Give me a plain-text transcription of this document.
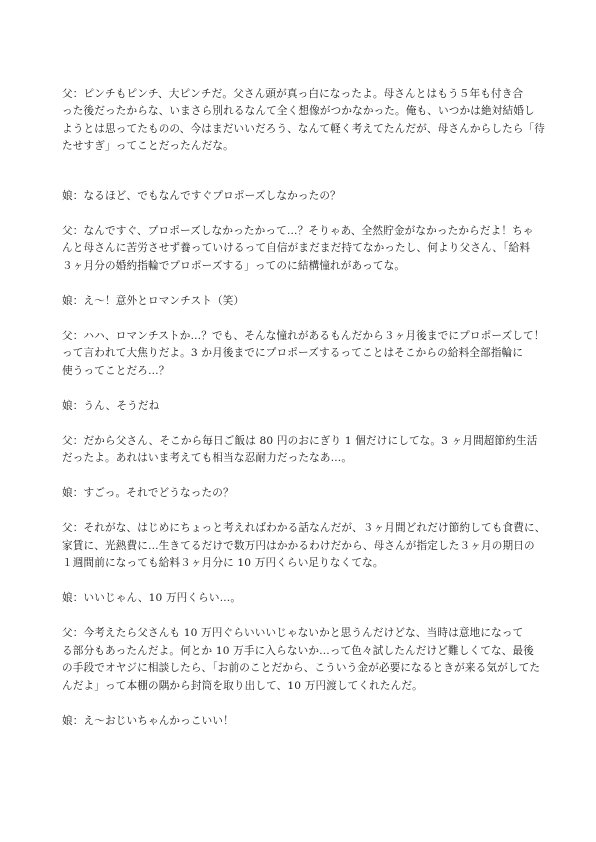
父：ピンチもピンチ、大ピンチだ。父さん頭が真っ白になったよ。母さんとはもう５年も付き合
った後だったからな、いまさら別れるなんて全く想像がつかなかった。俺も、いつかは絶対結婚し
ようとは思ってたものの、今はまだいいだろう、なんて軽く考えてたんだが、母さんからしたら「待
たせすぎ」ってことだったんだな。
娘：なるほど、でもなんですぐプロポーズしなかったの？
父：なんですぐ、プロポーズしなかったかって…？そりゃあ、全然貯金がなかったからだよ！ちゃ
んと母さんに苦労させず養っていけるって自信がまだまだ持てなかったし、何より父さん、「給料
３ヶ月分の婚約指輪でプロポーズする」ってのに結構憧れがあってな。
娘：え～！意外とロマンチスト（笑）
父：ハハ、ロマンチストか…？でも、そんな憧れがあるもんだから３ヶ月後までにプロポーズして！
って言われて大焦りだよ。3 か月後までにプロポーズするってことはそこからの給料全部指輪に
使うってことだろ…？
娘：うん、そうだね
父：だから父さん、そこから毎日ご飯は 80 円のおにぎり 1 個だけにしてな。3 ヶ月間超節約生活
だったよ。あれはいま考えても相当な忍耐力だったなあ…。
娘：すごっ。それでどうなったの？
父：それがな、はじめにちょっと考えればわかる話なんだが、３ヶ月間どれだけ節約しても食費に、
家賃に、光熱費に…生きてるだけで数万円はかかるわけだから、母さんが指定した３ヶ月の期日の
１週間前になっても給料３ヶ月分に 10 万円くらい足りなくてな。
娘：いいじゃん、10 万円くらい…。
父：今考えたら父さんも 10 万円ぐらいいいじゃないかと思うんだけどな、当時は意地になって
る部分もあったんだよ。何とか 10 万手に入らないか…って色々試したんだけど難しくてな、最後
の手段でオヤジに相談したら、「お前のことだから、こういう金が必要になるときが来る気がしてた
んだよ」って本棚の隅から封筒を取り出して、10 万円渡してくれたんだ。
娘：え～おじいちゃんかっこいい！
